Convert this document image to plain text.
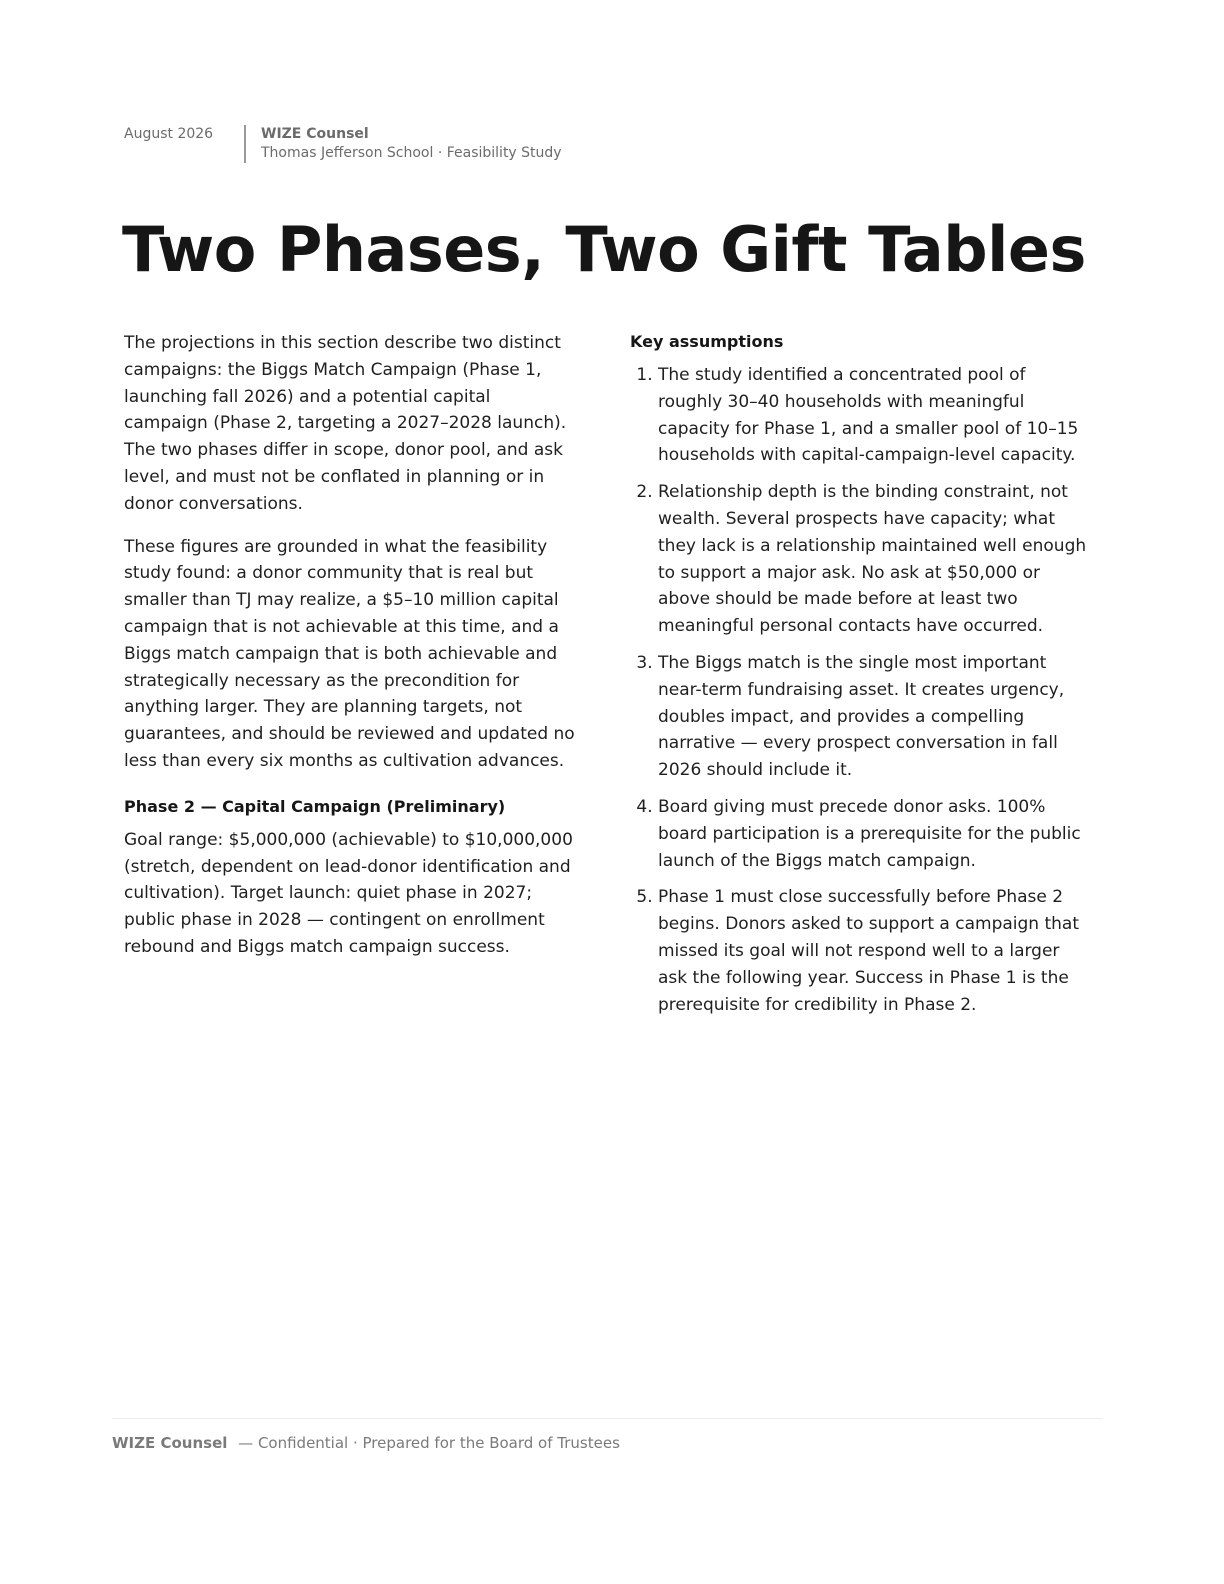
August 2026	WIZE Counsel
Thomas Jefferson School · Feasibility Study
Two Phases, Two Gift Tables

The projections in this section describe two distinct campaigns: the Biggs Match Campaign (Phase 1, launching fall 2026) and a potential capital campaign (Phase 2, targeting a 2027–2028 launch). The two phases differ in scope, donor pool, and ask level, and must not be conflated in planning or in donor conversations.

These figures are grounded in what the feasibility study found: a donor community that is real but smaller than TJ may realize, a $5–10 million capital campaign that is not achievable at this time, and a Biggs match campaign that is both achievable and strategically necessary as the precondition for anything larger. They are planning targets, not guarantees, and should be reviewed and updated no less than every six months as cultivation advances.

Phase 2 — Capital Campaign (Preliminary)

Goal range: $5,000,000 (achievable) to $10,000,000 (stretch, dependent on lead-donor identification and cultivation). Target launch: quiet phase in 2027; public phase in 2028 — contingent on enrollment rebound and Biggs match campaign success.

Key assumptions
1. The study identified a concentrated pool of roughly 30–40 households with meaningful capacity for Phase 1, and a smaller pool of 10–15 households with capital-campaign-level capacity.
2. Relationship depth is the binding constraint, not wealth. Several prospects have capacity; what they lack is a relationship maintained well enough to support a major ask. No ask at $50,000 or above should be made before at least two meaningful personal contacts have occurred.
3. The Biggs match is the single most important near-term fundraising asset. It creates urgency, doubles impact, and provides a compelling narrative — every prospect conversation in fall 2026 should include it.
4. Board giving must precede donor asks. 100% board participation is a prerequisite for the public launch of the Biggs match campaign.
5. Phase 1 must close successfully before Phase 2 begins. Donors asked to support a campaign that missed its goal will not respond well to a larger ask the following year. Success in Phase 1 is the prerequisite for credibility in Phase 2.
WIZE Counsel — Confidential · Prepared for the Board of Trustees
